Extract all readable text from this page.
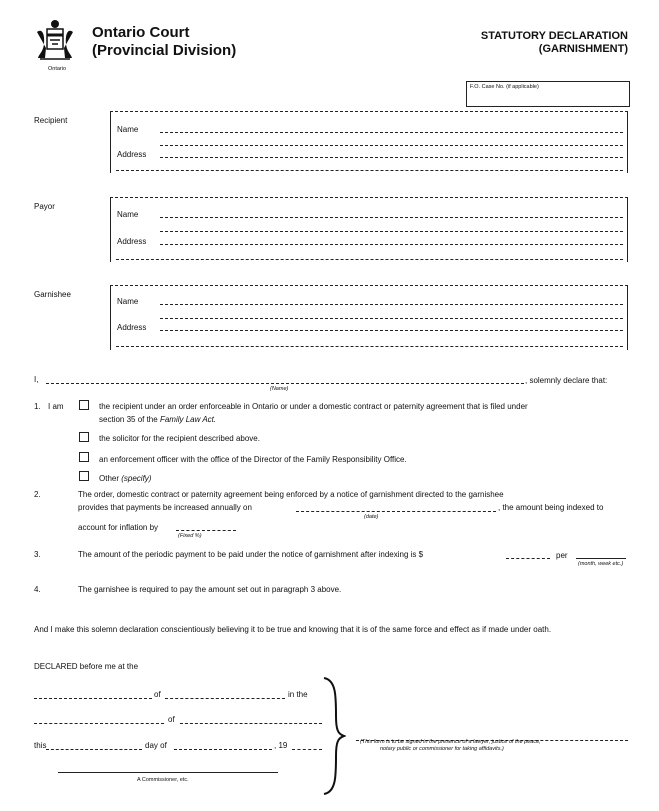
Ontario
Ontario Court
(Provincial Division)
STATUTORY DECLARATION
(GARNISHMENT)
F.O. Case No. (if applicable)
Recipient
Name
Address
Payor
Name
Address
Garnishee
Name
Address
I,
(Name)
, solemnly declare that:
1. I am	the recipient under an order enforceable in Ontario or under a domestic contract or paternity agreement that is filed under
section 35 of the Family Law Act.
the solicitor for the recipient described above.
an enforcement officer with the office of the Director of the Family Responsibility Office.
Other (specify)
2.	The order, domestic contract or paternity agreement being enforced by a notice of garnishment directed to the garnishee
provides that payments be increased annually on
(date)
, the amount being indexed to
account for inflation by
(Fixed %)
3.	The amount of the periodic payment to be paid under the notice of garnishment after indexing is $	per
(month, week etc.)
4.	The garnishee is required to pay the amount set out in paragraph 3 above.
And I make this solemn declaration conscientiously believing it to be true and knowing that it is of the same force and effect as if made under oath.
DECLARED before me at the
of	in the
of
this	day of	, 19
A Commissioner, etc.
(This form is to be signed in the presence of a lawyer, justice of the peace,
notary public or commissioner for taking affidavits.)
